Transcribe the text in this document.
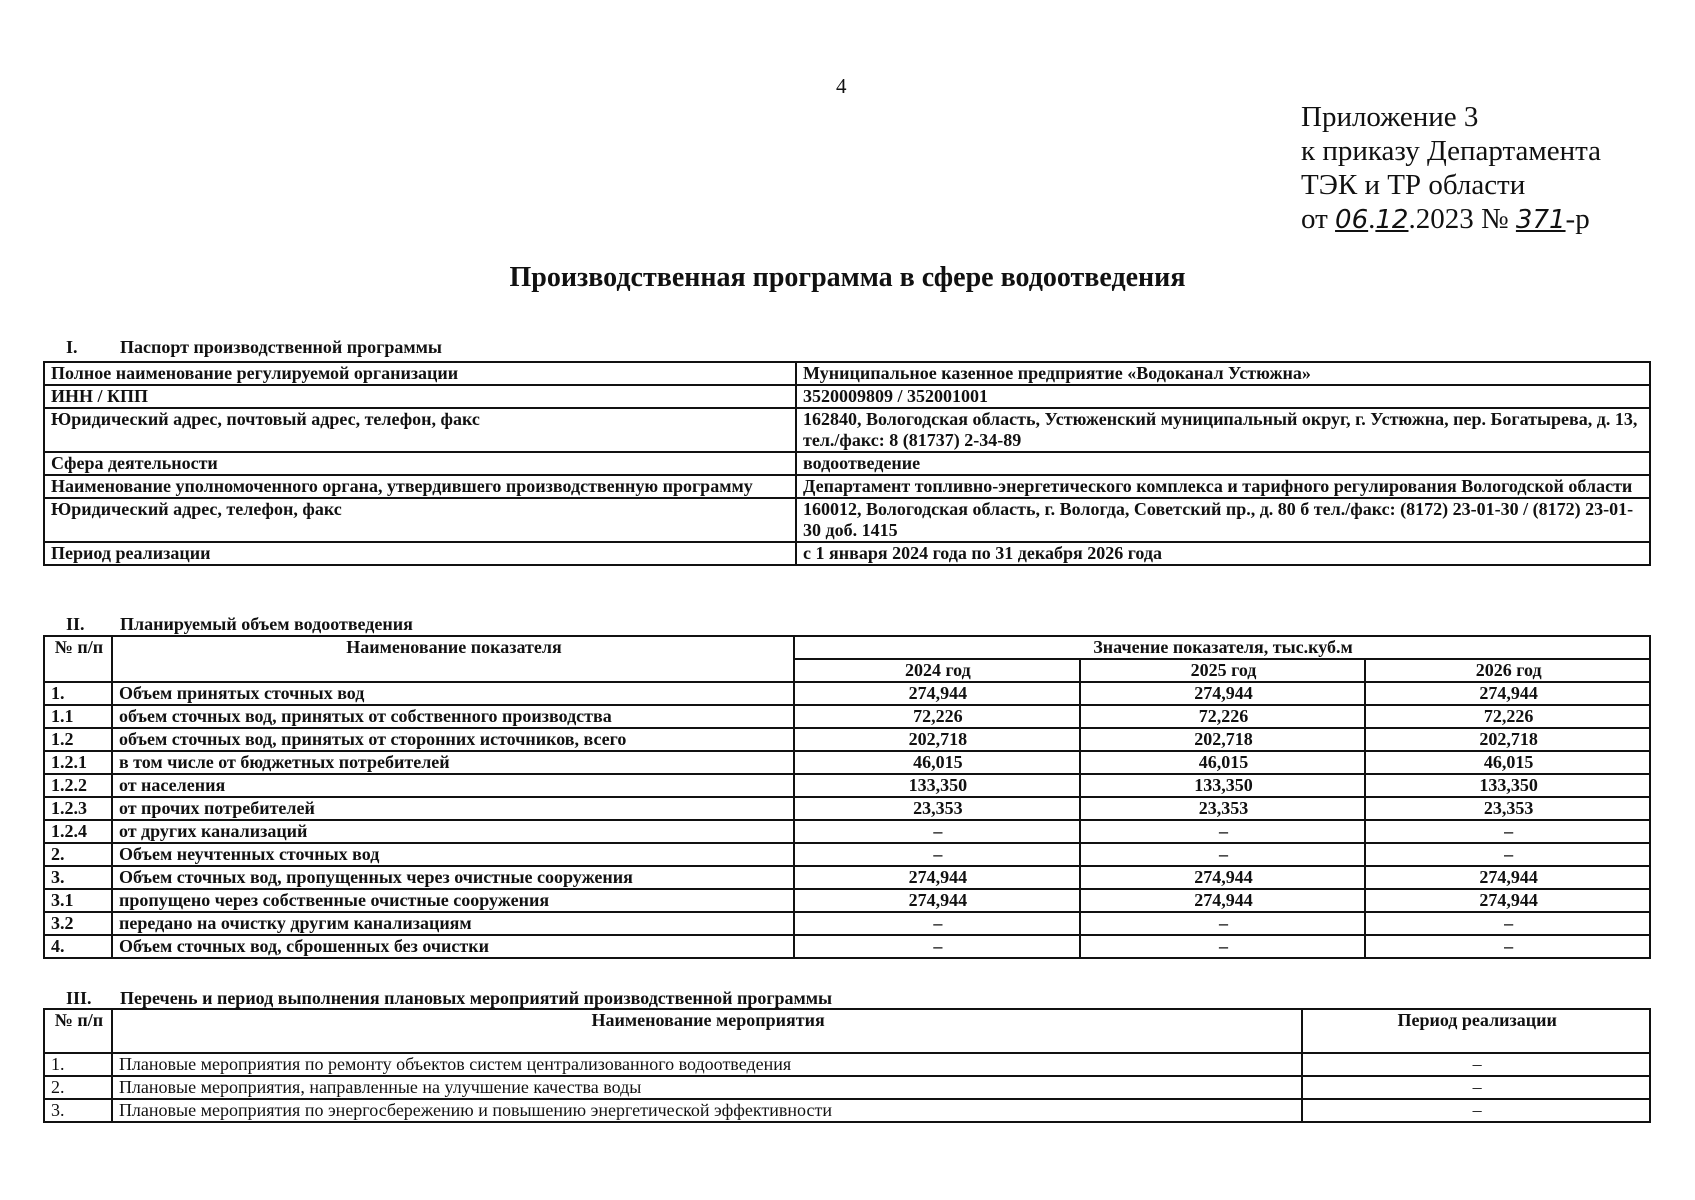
4
Приложение 3
к приказу Департамента
ТЭК и ТР области
от 06.12.2023 № 371-р
Производственная программа в сфере водоотведения
I.	Паспорт производственной программы
Полное наименование регулируемой организации	Муниципальное казенное предприятие «Водоканал Устюжна»
ИНН / КПП	3520009809 / 352001001
Юридический адрес, почтовый адрес, телефон, факс	162840, Вологодская область, Устюженский муниципальный округ, г. Устюжна, пер. Богатырева, д. 13, тел./факс: 8 (81737) 2-34-89
Сфера деятельности	водоотведение
Наименование уполномоченного органа, утвердившего производственную программу	Департамент топливно-энергетического комплекса и тарифного регулирования Вологодской области
Юридический адрес, телефон, факс	160012, Вологодская область, г. Вологда, Советский пр., д. 80 б тел./факс: (8172) 23-01-30 / (8172) 23-01-30 доб. 1415
Период реализации	с 1 января 2024 года по 31 декабря 2026 года
II.	Планируемый объем водоотведения
№ п/п	Наименование показателя	Значение показателя, тыс.куб.м		
		2024 год	2025 год	2026 год
1.	Объем принятых сточных вод	274,944	274,944	274,944
1.1	объем сточных вод, принятых от собственного производства	72,226	72,226	72,226
1.2	объем сточных вод, принятых от сторонних источников, всего	202,718	202,718	202,718
1.2.1	в том числе от бюджетных потребителей	46,015	46,015	46,015
1.2.2	от населения	133,350	133,350	133,350
1.2.3	от прочих потребителей	23,353	23,353	23,353
1.2.4	от других канализаций	–	–	–
2.	Объем неучтенных сточных вод	–	–	–
3.	Объем сточных вод, пропущенных через очистные сооружения	274,944	274,944	274,944
3.1	пропущено через собственные очистные сооружения	274,944	274,944	274,944
3.2	передано на очистку другим канализациям	–	–	–
4.	Объем сточных вод, сброшенных без очистки	–	–	–
III.	Перечень и период выполнения плановых мероприятий производственной программы
№ п/п	Наименование мероприятия	Период реализации
1.	Плановые мероприятия по ремонту объектов систем централизованного водоотведения	–
2.	Плановые мероприятия, направленные на улучшение качества воды	–
3.	Плановые мероприятия по энергосбережению и повышению энергетической эффективности	–
